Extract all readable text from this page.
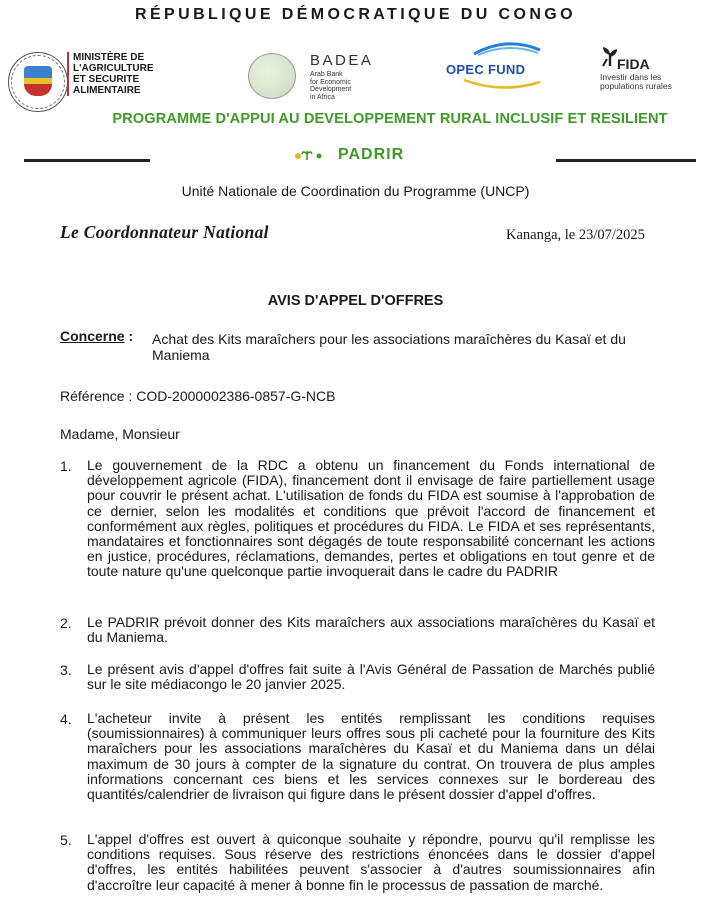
RÉPUBLIQUE DÉMOCRATIQUE DU CONGO
MINISTÈRE DE
L'AGRICULTURE
ET SECURITE
ALIMENTAIRE
BADEA
Arab Bank
for Economic
Development
in Africa
OPEC FUND	FIDA
Investir dans les
populations rurales
PROGRAMME D'APPUI AU DEVELOPPEMENT RURAL INCLUSIF ET RESILIENT
PADRIR
Unité Nationale de Coordination du Programme (UNCP)
Le Coordonnateur National	Kananga, le 23/07/2025
AVIS D'APPEL D'OFFRES
Concerne : Achat des Kits maraîchers pour les associations maraîchères du Kasaï et du Maniema
Référence : COD-2000002386-0857-G-NCB
Madame, Monsieur
1. Le gouvernement de la RDC a obtenu un financement du Fonds international de développement agricole (FIDA), financement dont il envisage de faire partiellement usage pour couvrir le présent achat. L'utilisation de fonds du FIDA est soumise à l'approbation de ce dernier, selon les modalités et conditions que prévoit l'accord de financement et conformément aux règles, politiques et procédures du FIDA. Le FIDA et ses représentants, mandataires et fonctionnaires sont dégagés de toute responsabilité concernant les actions en justice, procédures, réclamations, demandes, pertes et obligations en tout genre et de toute nature qu'une quelconque partie invoquerait dans le cadre du PADRIR
2. Le PADRIR prévoit donner des Kits maraîchers aux associations maraîchères du Kasaï et du Maniema.
3. Le présent avis d'appel d'offres fait suite à l'Avis Général de Passation de Marchés publié sur le site médiacongo le 20 janvier 2025.
4. L'acheteur invite à présent les entités remplissant les conditions requises (soumissionnaires) à communiquer leurs offres sous pli cacheté pour la fourniture des Kits maraîchers pour les associations maraîchères du Kasaï et du Maniema dans un délai maximum de 30 jours à compter de la signature du contrat. On trouvera de plus amples informations concernant ces biens et les services connexes sur le bordereau des quantités/calendrier de livraison qui figure dans le présent dossier d'appel d'offres.
5. L'appel d'offres est ouvert à quiconque souhaite y répondre, pourvu qu'il remplisse les conditions requises. Sous réserve des restrictions énoncées dans le dossier d'appel d'offres, les entités habilitées peuvent s'associer à d'autres soumissionnaires afin d'accroître leur capacité à mener à bonne fin le processus de passation de marché.
